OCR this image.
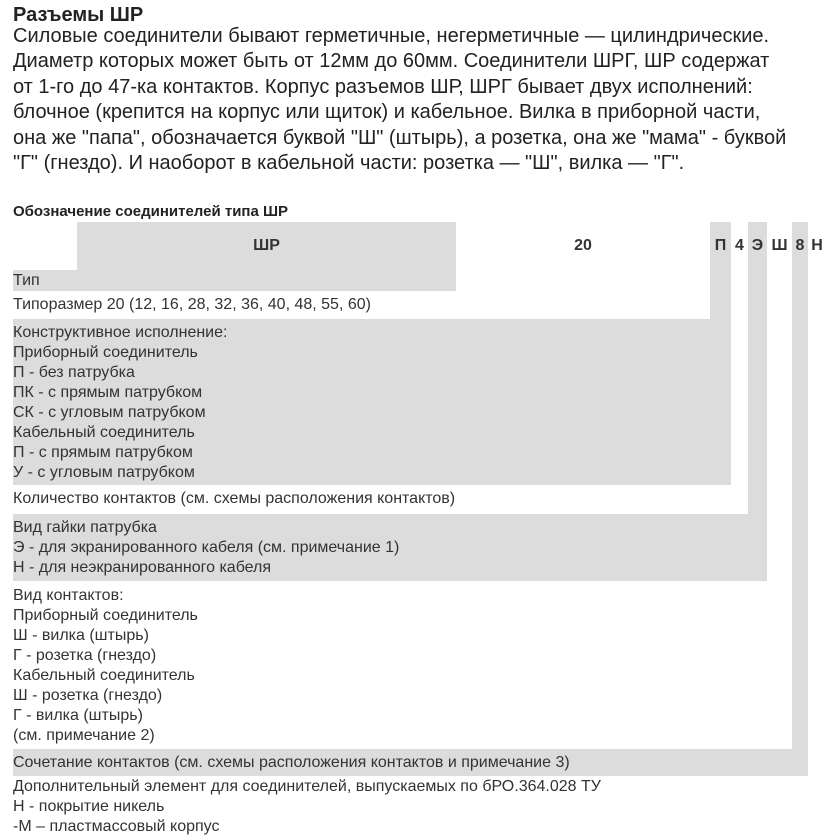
Разъемы ШР
Силовые соединители бывают герметичные, негерметичные — цилиндрические.
Диаметр которых может быть от 12мм до 60мм. Соединители ШРГ, ШР содержат
от 1-го до 47-ка контактов. Корпус разъемов ШР, ШРГ бывает двух исполнений:
блочное (крепится на корпус или щиток) и кабельное. Вилка в приборной части,
она же "папа", обозначается буквой "Ш" (штырь), а розетка, она же "мама" - буквой
"Г" (гнездо). И наоборот в кабельной части: розетка — "Ш", вилка — "Г".
Обозначение соединителей типа ШР
ШР	20	П 4 Э Ш 8 Н
Тип
Типоразмер 20 (12, 16, 28, 32, 36, 40, 48, 55, 60)
Конструктивное исполнение:
Приборный соединитель
П - без патрубка
ПК - с прямым патрубком
СК - с угловым патрубком
Кабельный соединитель
П - с прямым патрубком
У - с угловым патрубком
Количество контактов (см. схемы расположения контактов)
Вид гайки патрубка
Э - для экранированного кабеля (см. примечание 1)
Н - для неэкранированного кабеля
Вид контактов:
Приборный соединитель
Ш - вилка (штырь)
Г - розетка (гнездо)
Кабельный соединитель
Ш - розетка (гнездо)
Г - вилка (штырь)
(см. примечание 2)
Сочетание контактов (см. схемы расположения контактов и примечание 3)
Дополнительный элемент для соединителей, выпускаемых по бРО.364.028 ТУ
Н - покрытие никель
-М – пластмассовый корпус
